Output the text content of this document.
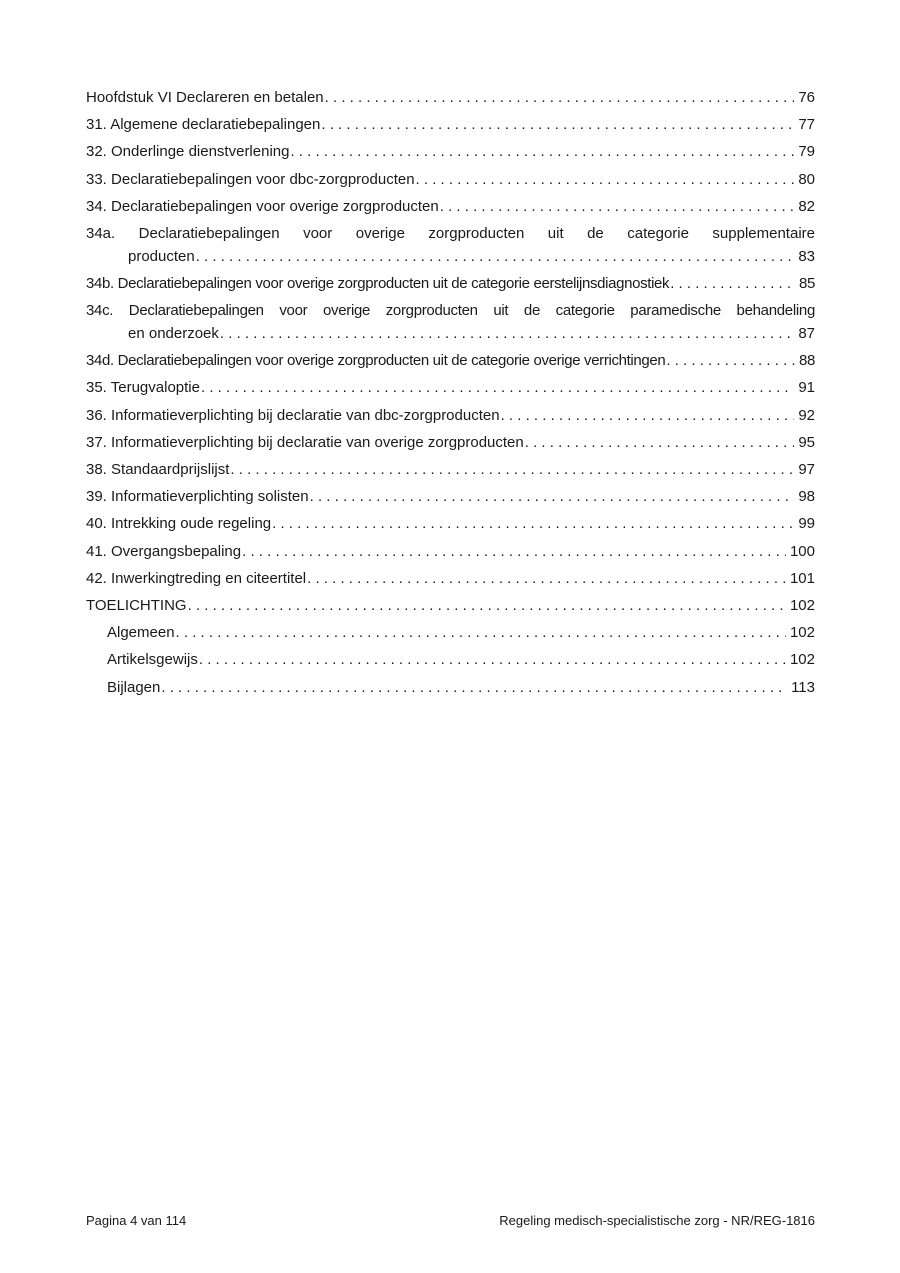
Hoofdstuk VI Declareren en betalen . . .	76
31. Algemene declaratiebepalingen . . .	77
32. Onderlinge dienstverlening . . .	79
33. Declaratiebepalingen voor dbc-zorgproducten . . .	80
34. Declaratiebepalingen voor overige zorgproducten . . .	82
34a. Declaratiebepalingen voor overige zorgproducten uit de categorie supplementaire
producten . . .	83
34b. Declaratiebepalingen voor overige zorgproducten uit de categorie eerstelijnsdiagnostiek . . .	85
34c. Declaratiebepalingen voor overige zorgproducten uit de categorie paramedische behandeling
en onderzoek . . .	87
34d. Declaratiebepalingen voor overige zorgproducten uit de categorie overige verrichtingen . . .	88
35. Terugvaloptie . . .	91
36. Informatieverplichting bij declaratie van dbc-zorgproducten . . .	92
37. Informatieverplichting bij declaratie van overige zorgproducten . . .	95
38. Standaardprijslijst . . .	97
39. Informatieverplichting solisten . . .	98
40. Intrekking oude regeling . . .	99
41. Overgangsbepaling . . .	100
42. Inwerkingtreding en citeertitel . . .	101
TOELICHTING . . .	102
Algemeen . . .	102
Artikelsgewijs . . .	102
Bijlagen . . .	113
Pagina 4 van 114	Regeling medisch-specialistische zorg - NR/REG-1816
